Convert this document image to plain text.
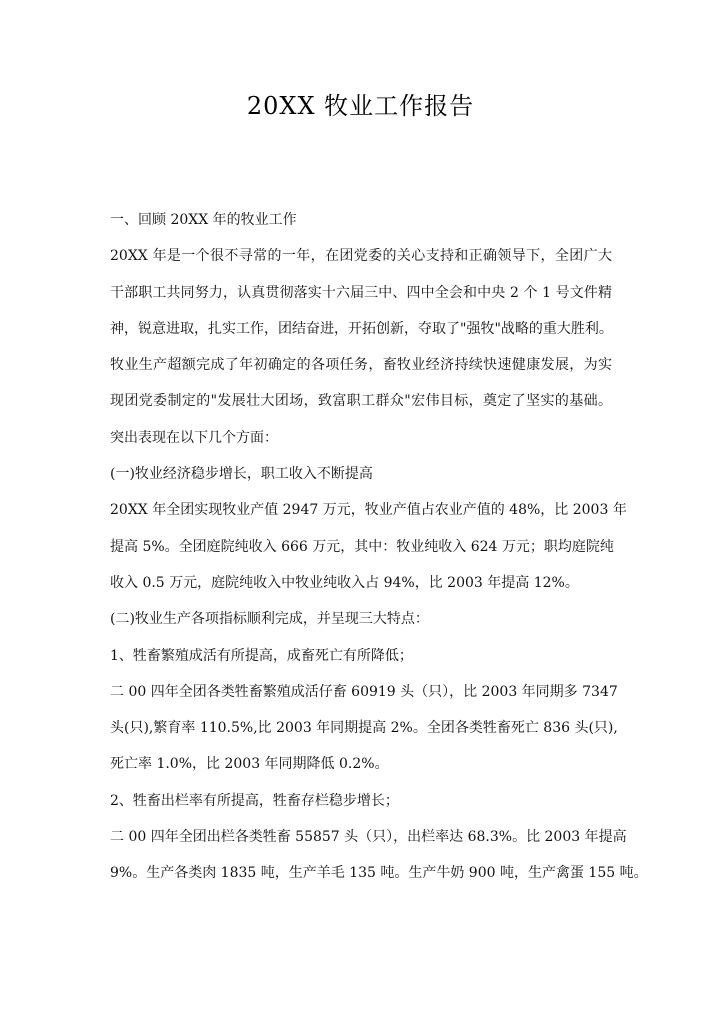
20XX 牧业工作报告
一、回顾 20XX 年的牧业工作
20XX 年是一个很不寻常的一年，在团党委的关心支持和正确领导下，全团广大
干部职工共同努力，认真贯彻落实十六届三中、四中全会和中央 2 个 1 号文件精
神，锐意进取，扎实工作，团结奋进，开拓创新，夺取了"强牧"战略的重大胜利。
牧业生产超额完成了年初确定的各项任务，畜牧业经济持续快速健康发展，为实
现团党委制定的"发展壮大团场，致富职工群众"宏伟目标，奠定了坚实的基础。
突出表现在以下几个方面：
(一)牧业经济稳步增长，职工收入不断提高
20XX 年全团实现牧业产值 2947 万元，牧业产值占农业产值的 48%，比 2003 年
提高 5%。全团庭院纯收入 666 万元，其中：牧业纯收入 624 万元；职均庭院纯
收入 0.5 万元，庭院纯收入中牧业纯收入占 94%，比 2003 年提高 12%。
(二)牧业生产各项指标顺利完成，并呈现三大特点：
1、牲畜繁殖成活有所提高，成畜死亡有所降低；
二 00 四年全团各类牲畜繁殖成活仔畜 60919 头（只），比 2003 年同期多 7347
头(只),繁育率 110.5%,比 2003 年同期提高 2%。全团各类牲畜死亡 836 头(只),
死亡率 1.0%，比 2003 年同期降低 0.2%。
2、牲畜出栏率有所提高，牲畜存栏稳步增长；
二 00 四年全团出栏各类牲畜 55857 头（只），出栏率达 68.3%。比 2003 年提高
9%。生产各类肉 1835 吨，生产羊毛 135 吨。生产牛奶 900 吨，生产禽蛋 155 吨。
